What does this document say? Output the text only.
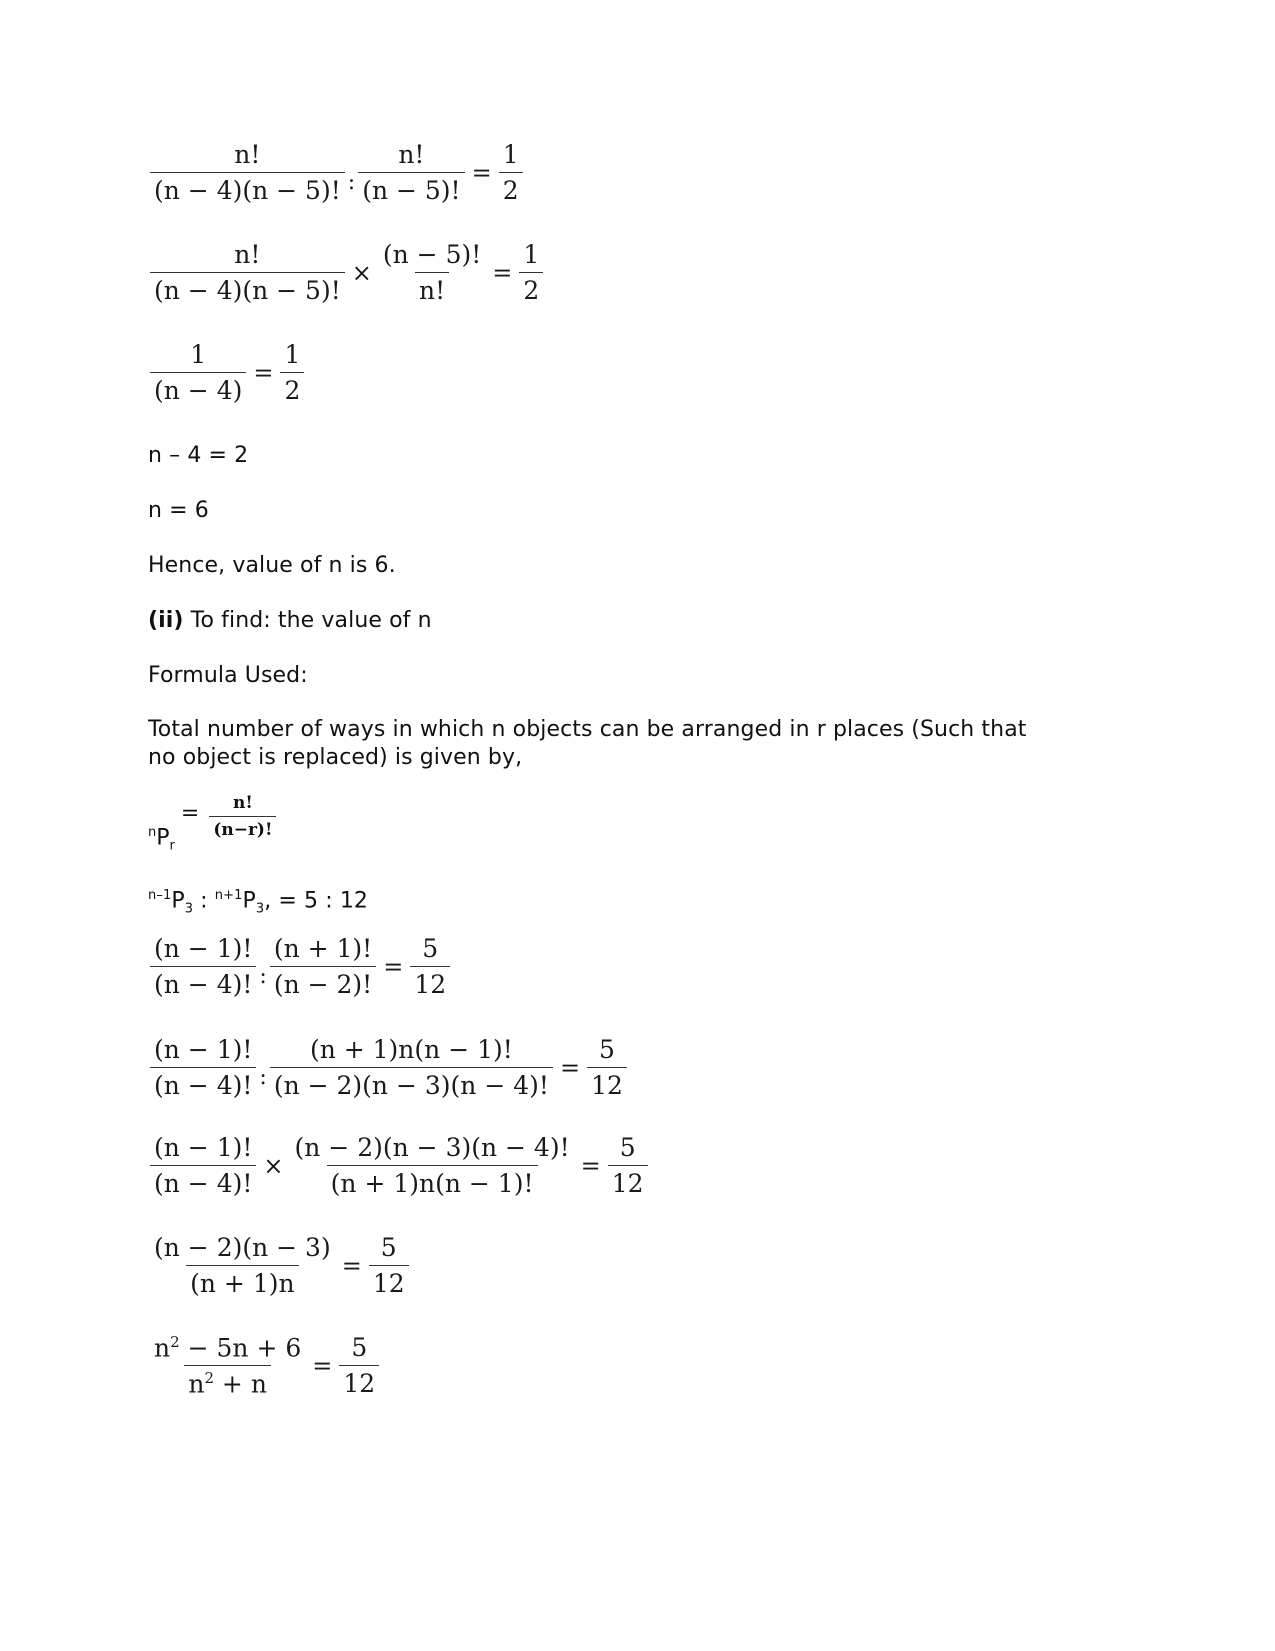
$\frac{n!}{(n - 4)(n - 5)!}$ : $\frac{n!}{(n - 5)!} = \frac{1}{2}$
$\frac{n!}{(n - 4)(n - 5)!} \times \frac{(n - 5)!}{n!} = \frac{1}{2}$
$\frac{1}{(n - 4)} = \frac{1}{2}$
n – 4 = 2
n = 6
Hence, value of n is 6.
(ii) To find: the value of n
Formula Used:
Total number of ways in which n objects can be arranged in r places (Such that no object is replaced) is given by,
$^nP_r$
= $\frac{n!}{(n-r)!}$
$^{n-1}P_3$ : $^{n+1}P_3$, = 5 : 12
$\frac{(n - 1)!}{(n - 4)!}$ : $\frac{(n + 1)!}{(n - 2)!} = \frac{5}{12}$
$\frac{(n - 1)!}{(n - 4)!}$ : $\frac{(n + 1)n(n - 1)!}{(n - 2)(n - 3)(n - 4)!} = \frac{5}{12}$
$\frac{(n - 1)!}{(n - 4)!} \times \frac{(n - 2)(n - 3)(n - 4)!}{(n + 1)n(n - 1)!} = \frac{5}{12}$
$\frac{(n - 2)(n - 3)}{(n + 1)n} = \frac{5}{12}$
$\frac{n^2 - 5n + 6}{n^2 + n} = \frac{5}{12}$
